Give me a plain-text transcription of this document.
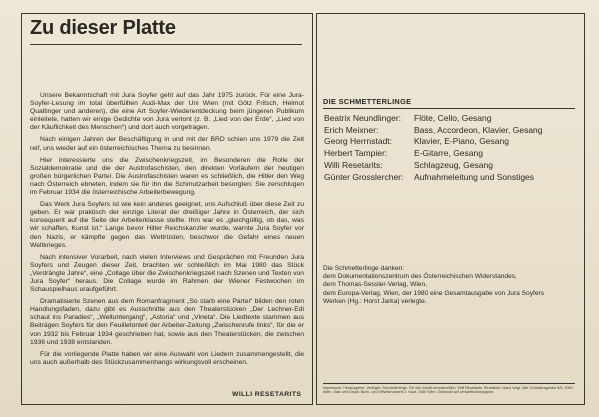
Zu dieser Platte

Unsere Bekanntschaft mit Jura Soyfer geht auf das Jahr 1975 zurück. Für eine Jura-Soyfer-Lesung im total überfüllten Audi-Max der Uni Wien (mit Götz Fritsch, Helmut Qualtinger und anderen), die eine Art Soyfer-Wiederentdeckung beim jüngeren Publikum einleitete, hatten wir einige Gedichte von Jura vertont (z. B. „Lied von der Erde“, „Lied von der Käuflichkeit des Menschen“) und dort auch vorgetragen.

Nach einigen Jahren der Beschäftigung in und mit der BRD schien uns 1979 die Zeit reif, uns wieder auf ein österreichisches Thema zu besinnen.

Hier interessierte uns die Zwischenkriegszeit, im Besonderen die Rolle der Sozialdemokratie und die der Austrofaschisten, den direkten Vorläufern der heutigen großen bürgerlichen Partei. Die Austrofaschisten waren es schließlich, die Hitler den Weg nach Österreich ebneten, indem sie für ihn die Schmutzarbeit besorgten: Sie zerschlugen im Februar 1934 die österreichische Arbeiterbewegung.

Das Werk Jura Soyfers ist wie kein anderes geeignet, uns Aufschluß über diese Zeit zu geben. Er war praktisch der einzige Literat der dreißiger Jahre in Österreich, der sich konsequent auf die Seite der Arbeiterklasse stellte. Ihm war es „gleichgültig, ob das, was wir schaffen, Kunst ist.“ Lange bevor Hitler Reichskanzler wurde, warnte Jura Soyfer vor den Nazis, er kämpfte gegen das Wettrüsten, beschwor die Gefahr eines neuen Weltkrieges.

Nach intensiver Vorarbeit, nach vielen Interviews und Gesprächen mit Freunden Jura Soyfers und Zeugen dieser Zeit, brachten wir schließlich im Mai 1980 das Stück „Verdrängte Jahre“, eine „Collage über die Zwischenkriegszeit nach Szenen und Texten von Jura Soyfer“ heraus. Die Collage wurde im Rahmen der Wiener Festwochen im Schauspielhaus uraufgeführt.

Dramatisierte Szenen aus dem Romanfragment „So starb eine Partei“ bilden den roten Handlungsfaden, dazu gibt es Ausschnitte aus den Theaterstücken „Der Lechner-Edi schaut ins Paradies“, „Weltuntergang“, „Astoria“ und „Vineta“. Die Liedtexte stammen aus Beiträgen Soyfers für den Feuilletonteil der Arbeiter-Zeitung „Zwischenrufe links“, für die er von 1932 bis Februar 1934 geschrieben hat, sowie aus den Theaterstücken, die zwischen 1936 und 1938 entstanden.

Für die vorliegende Platte haben wir eine Auswahl von Liedern zusammengestellt, die uns auch außerhalb des Stückzusammenhangs wirkungsvoll erscheinen.

WILLI RESETARITS
DIE SCHMETTERLINGE
Beatrix Neundlinger:	Flöte, Cello, Gesang
Erich Meixner:	Bass, Accordeon, Klavier, Gesang
Georg Herrnstadt:	Klavier, E-Piano, Gesang
Herbert Tampier:	E-Gitarre, Gesang
Willi Resetarits:	Schlagzeug, Gesang
Günter Grosslercher:	Aufnahmeleitung und Sonstiges
Die Schmetterlinge danken:
dem Dokumentationszentrum des Österreichischen Widerstandes,
dem Thomas-Sessler-Verlag, Wien,
dem Europa-Verlag, Wien, der 1980 eine Gesamtausgabe von Jura Soyfers
Werken (Hg.: Horst Jarka) verlegte.
Impressum: Herausgeber, Verleger: Schmetterlinge. Für den Inhalt verantwortlich: Willi Resetarits. Redaktion: Hans Veigl. Alle: Künstleragentur 5/5, 1060 Wien. Satz und Druck: Buch- und Offsetdruckerei J. Kaut, 1080 Wien. Gedruckt auf Umweltschutzpapier.
